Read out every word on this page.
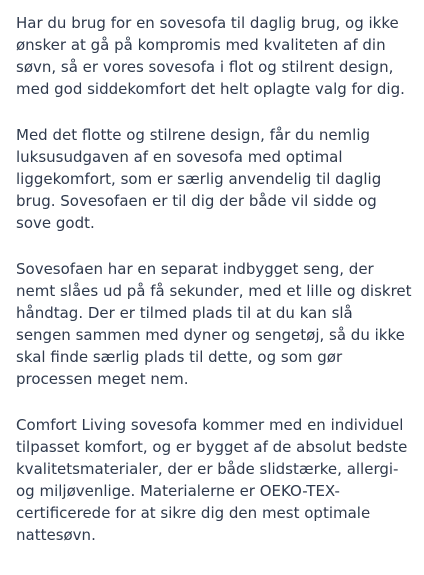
Har du brug for en sovesofa til daglig brug, og ikke ønsker at gå på kompromis med kvaliteten af din søvn, så er vores sovesofa i flot og stilrent design, med god siddekomfort det helt oplagte valg for dig.

Med det flotte og stilrene design, får du nemlig luksusudgaven af en sovesofa med optimal liggekomfort, som er særlig anvendelig til daglig brug. Sovesofaen er til dig der både vil sidde og sove godt.

Sovesofaen har en separat indbygget seng, der nemt slåes ud på få sekunder, med et lille og diskret håndtag. Der er tilmed plads til at du kan slå sengen sammen med dyner og sengetøj, så du ikke skal finde særlig plads til dette, og som gør processen meget nem.

Comfort Living sovesofa kommer med en individuel tilpasset komfort, og er bygget af de absolut bedste kvalitetsmaterialer, der er både slidstærke, allergi- og miljøvenlige. Materialerne er OEKO-TEX-certificerede for at sikre dig den mest optimale nattesøvn.
